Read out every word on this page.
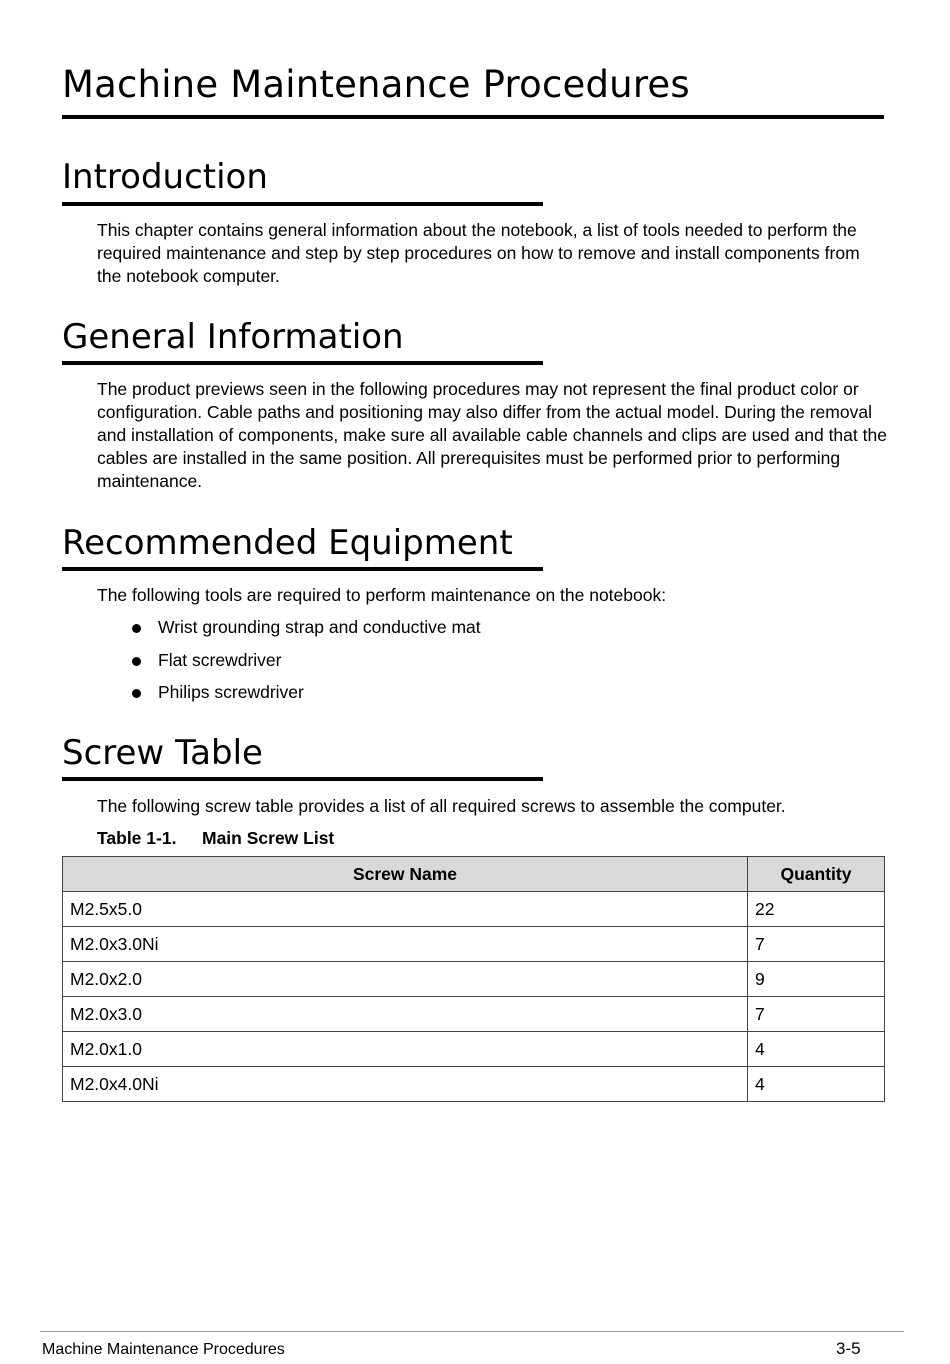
Machine Maintenance Procedures
Introduction

This chapter contains general information about the notebook, a list of tools needed to perform the required maintenance and step by step procedures on how to remove and install components from the notebook computer.

General Information

The product previews seen in the following procedures may not represent the final product color or configuration. Cable paths and positioning may also differ from the actual model. During the removal and installation of components, make sure all available cable channels and clips are used and that the cables are installed in the same position. All prerequisites must be performed prior to performing maintenance.

Recommended Equipment

The following tools are required to perform maintenance on the notebook:

Wrist grounding strap and conductive mat
Flat screwdriver
Philips screwdriver
Screw Table

The following screw table provides a list of all required screws to assemble the computer.

Table 1-1. Main Screw List
Screw Name	Quantity
M2.5x5.0	22
M2.0x3.0Ni	7
M2.0x2.0	9
M2.0x3.0	7
M2.0x1.0	4
M2.0x4.0Ni	4
Machine Maintenance Procedures	3-5
